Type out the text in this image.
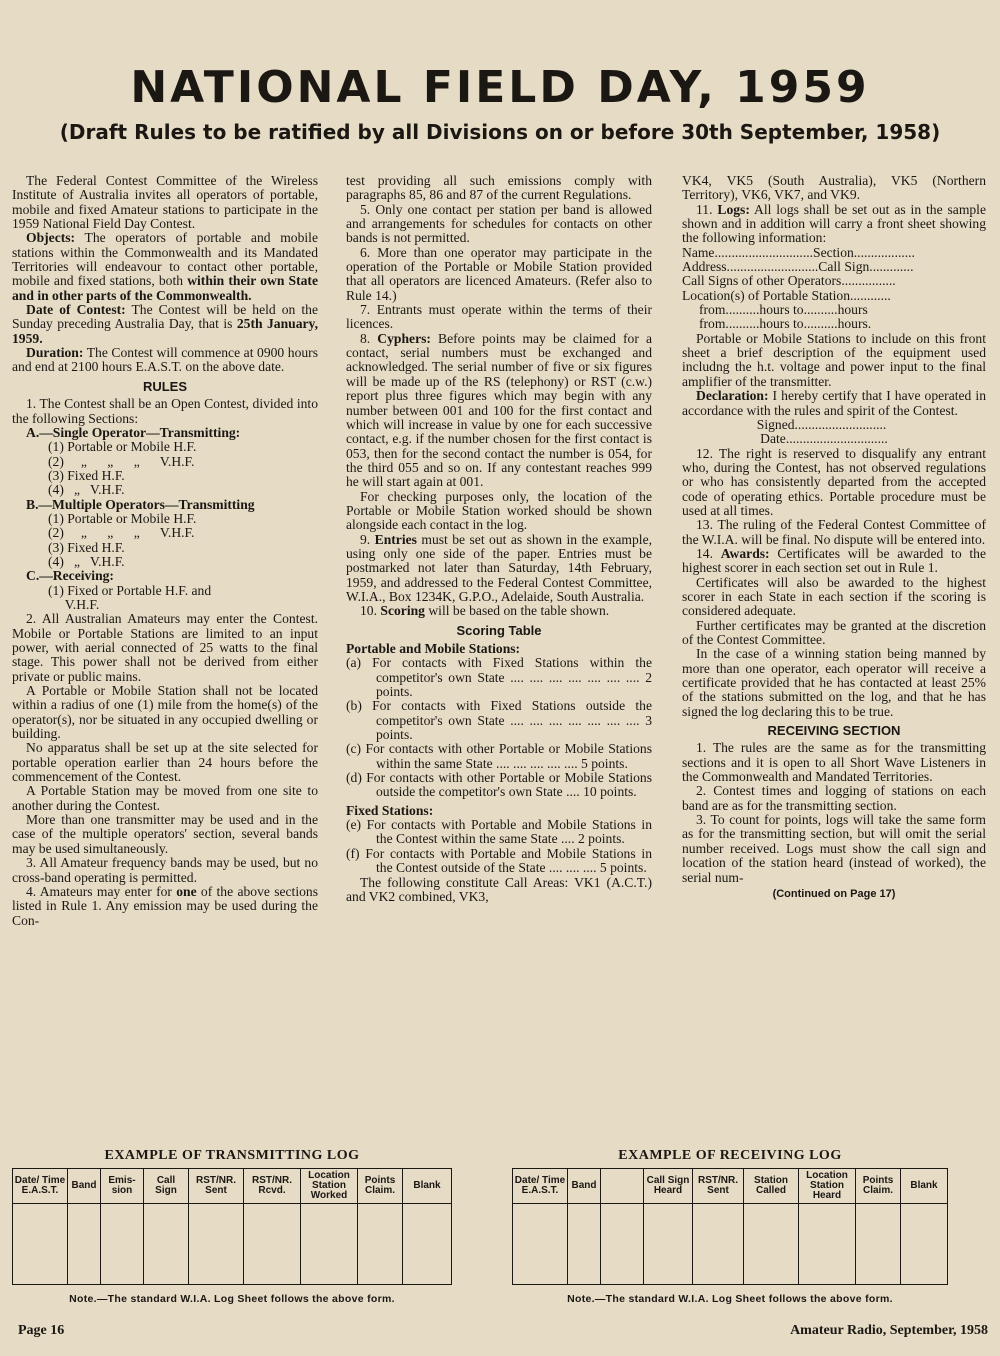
NATIONAL FIELD DAY, 1959
(Draft Rules to be ratified by all Divisions on or before 30th September, 1958)

The Federal Contest Committee of the Wireless Institute of Australia invites all operators of portable, mobile and fixed Amateur stations to participate in the 1959 National Field Day Contest.

Objects: The operators of portable and mobile stations within the Commonwealth and its Mandated Territories will endeavour to contact other portable, mobile and fixed stations, both within their own State and in other parts of the Commonwealth.

Date of Contest: The Contest will be held on the Sunday preceding Australia Day, that is 25th January, 1959.

Duration: The Contest will commence at 0900 hours and end at 2100 hours E.A.S.T. on the above date.

RULES

1. The Contest shall be an Open Contest, divided into the following Sections:

A.—Single Operator—Transmitting:

(1) Portable or Mobile H.F.

(2)     „      „      „      V.H.F.

(3) Fixed H.F.

(4)   „   V.H.F.

B.—Multiple Operators—Transmitting

(1) Portable or Mobile H.F.

(2)     „      „      „      V.H.F.

(3) Fixed H.F.

(4)   „   V.H.F.

C.—Receiving:

(1) Fixed or Portable H.F. and

V.H.F.

2. All Australian Amateurs may enter the Contest. Mobile or Portable Stations are limited to an input power, with aerial connected of 25 watts to the final stage. This power shall not be derived from either private or public mains.

A Portable or Mobile Station shall not be located within a radius of one (1) mile from the home(s) of the operator(s), nor be situated in any occupied dwelling or building.

No apparatus shall be set up at the site selected for portable operation earlier than 24 hours before the commencement of the Contest.

A Portable Station may be moved from one site to another during the Contest.

More than one transmitter may be used and in the case of the multiple operators' section, several bands may be used simultaneously.

3. All Amateur frequency bands may be used, but no cross-band operating is permitted.

4. Amateurs may enter for one of the above sections listed in Rule 1. Any emission may be used during the Con-

test providing all such emissions comply with paragraphs 85, 86 and 87 of the current Regulations.

5. Only one contact per station per band is allowed and arrangements for schedules for contacts on other bands is not permitted.

6. More than one operator may participate in the operation of the Portable or Mobile Station provided that all operators are licenced Amateurs. (Refer also to Rule 14.)

7. Entrants must operate within the terms of their licences.

8. Cyphers: Before points may be claimed for a contact, serial numbers must be exchanged and acknowledged. The serial number of five or six figures will be made up of the RS (telephony) or RST (c.w.) report plus three figures which may begin with any number between 001 and 100 for the first contact and which will increase in value by one for each successive contact, e.g. if the number chosen for the first contact is 053, then for the second contact the number is 054, for the third 055 and so on. If any contestant reaches 999 he will start again at 001.

For checking purposes only, the location of the Portable or Mobile Station worked should be shown alongside each contact in the log.

9. Entries must be set out as shown in the example, using only one side of the paper. Entries must be postmarked not later than Saturday, 14th February, 1959, and addressed to the Federal Contest Committee, W.I.A., Box 1234K, G.P.O., Adelaide, South Australia.

10. Scoring will be based on the table shown.

Scoring Table

Portable and Mobile Stations:

(a) For contacts with Fixed Stations within the competitor's own State .... .... .... .... .... .... .... 2 points.

(b) For contacts with Fixed Stations outside the competitor's own State .... .... .... .... .... .... .... 3 points.

(c) For contacts with other Portable or Mobile Stations within the same State .... .... .... .... .... 5 points.

(d) For contacts with other Portable or Mobile Stations outside the competitor's own State .... 10 points.

Fixed Stations:

(e) For contacts with Portable and Mobile Stations in the Contest within the same State .... 2 points.

(f) For contacts with Portable and Mobile Stations in the Contest outside of the State .... .... .... 5 points.

The following constitute Call Areas: VK1 (A.C.T.) and VK2 combined, VK3,

VK4, VK5 (South Australia), VK5 (Northern Territory), VK6, VK7, and VK9.

11. Logs: All logs shall be set out as in the sample shown and in addition will carry a front sheet showing the following information:

Name.............................Section..................

Address...........................Call Sign.............

Call Signs of other Operators................

Location(s) of Portable Station............

from..........hours to..........hours

from..........hours to..........hours.

Portable or Mobile Stations to include on this front sheet a brief description of the equipment used includng the h.t. voltage and power input to the final amplifier of the transmitter.

Declaration: I hereby certify that I have operated in accordance with the rules and spirit of the Contest.

Signed...........................

Date..............................

12. The right is reserved to disqualify any entrant who, during the Contest, has not observed regulations or who has consistently departed from the accepted code of operating ethics. Portable procedure must be used at all times.

13. The ruling of the Federal Contest Committee of the W.I.A. will be final. No dispute will be entered into.

14. Awards: Certificates will be awarded to the highest scorer in each section set out in Rule 1.

Certificates will also be awarded to the highest scorer in each State in each section if the scoring is considered adequate.

Further certificates may be granted at the discretion of the Contest Committee.

In the case of a winning station being manned by more than one operator, each operator will receive a certificate provided that he has contacted at least 25% of the stations submitted on the log, and that he has signed the log declaring this to be true.

RECEIVING SECTION

1. The rules are the same as for the transmitting sections and it is open to all Short Wave Listeners in the Commonwealth and Mandated Territories.

2. Contest times and logging of stations on each band are as for the transmitting section.

3. To count for points, logs will take the same form as for the transmitting section, but will omit the serial number received. Logs must show the call sign and location of the station heard (instead of worked), the serial num-

(Continued on Page 17)

EXAMPLE OF TRANSMITTING LOG
Date/ Time E.A.S.T.	Band	Emis- sion	Call Sign	RST/NR. Sent	RST/NR. Rcvd.	Location Station Worked	Points Claim.	Blank

Note.—The standard W.I.A. Log Sheet follows the above form.
EXAMPLE OF RECEIVING LOG
Date/ Time E.A.S.T.	Band		Call Sign Heard	RST/NR. Sent	Station Called	Location Station Heard	Points Claim.	Blank

Note.—The standard W.I.A. Log Sheet follows the above form.
Page 16	Amateur Radio, September, 1958
